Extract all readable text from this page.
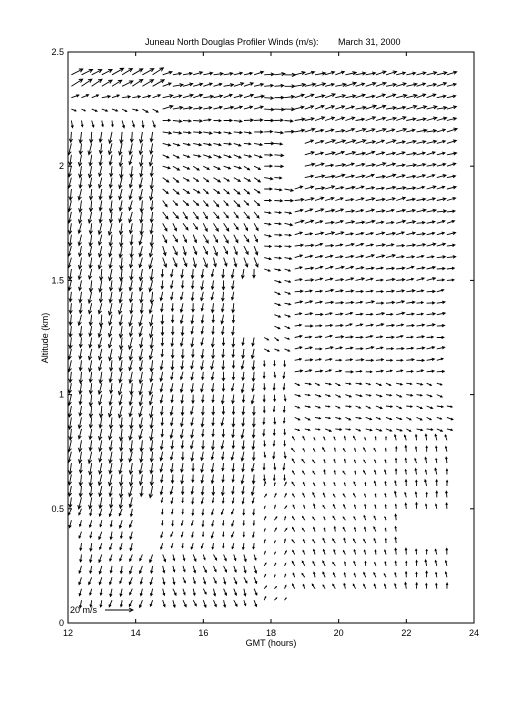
Juneau North Douglas Profiler Winds (m/s): March 31, 2000
12	14	16	18	20	22	24
0
0.5
1
1.5
2
2.5
GMT (hours)
Altitude (km)
20 m/s
